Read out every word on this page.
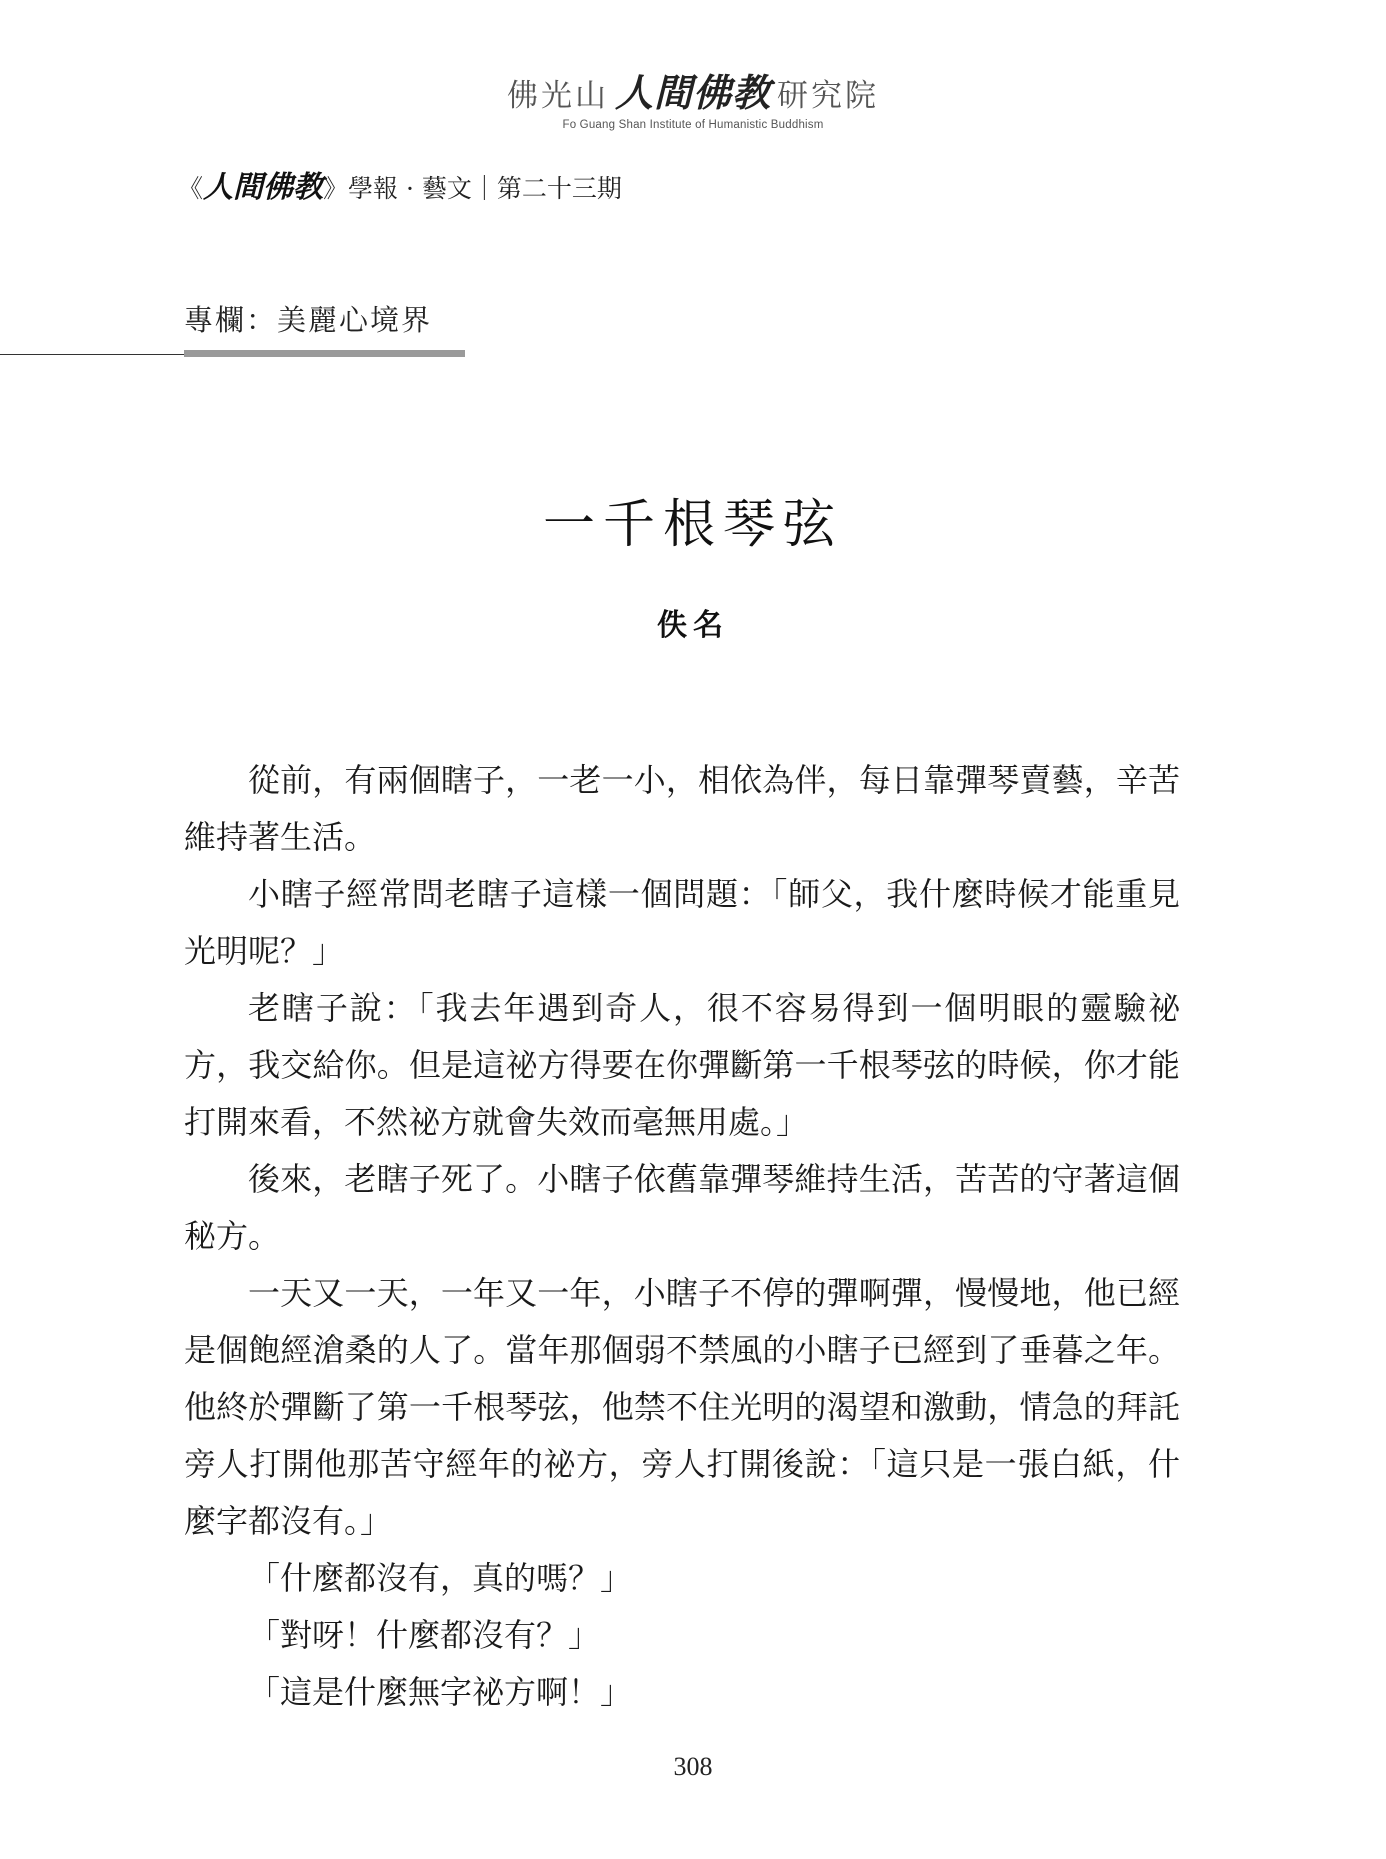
佛光山 人間佛教 研究院
Fo Guang Shan Institute of Humanistic Buddhism
《人間佛教》學報 · 藝文｜第二十三期
專欄：美麗心境界
一千根琴弦
佚名

從前，有兩個瞎子，一老一小，相依為伴，每日靠彈琴賣藝，辛苦維持著生活。

小瞎子經常問老瞎子這樣一個問題：「師父，我什麼時候才能重見光明呢？」

老瞎子說：「我去年遇到奇人，很不容易得到一個明眼的靈驗祕方，我交給你。但是這祕方得要在你彈斷第一千根琴弦的時候，你才能打開來看，不然祕方就會失效而毫無用處。」

後來，老瞎子死了。小瞎子依舊靠彈琴維持生活，苦苦的守著這個秘方。

一天又一天，一年又一年，小瞎子不停的彈啊彈，慢慢地，他已經是個飽經滄桑的人了。當年那個弱不禁風的小瞎子已經到了垂暮之年。他終於彈斷了第一千根琴弦，他禁不住光明的渴望和激動，情急的拜託旁人打開他那苦守經年的祕方，旁人打開後說：「這只是一張白紙，什麼字都沒有。」

「什麼都沒有，真的嗎？」

「對呀！什麼都沒有？」

「這是什麼無字祕方啊！」

308
